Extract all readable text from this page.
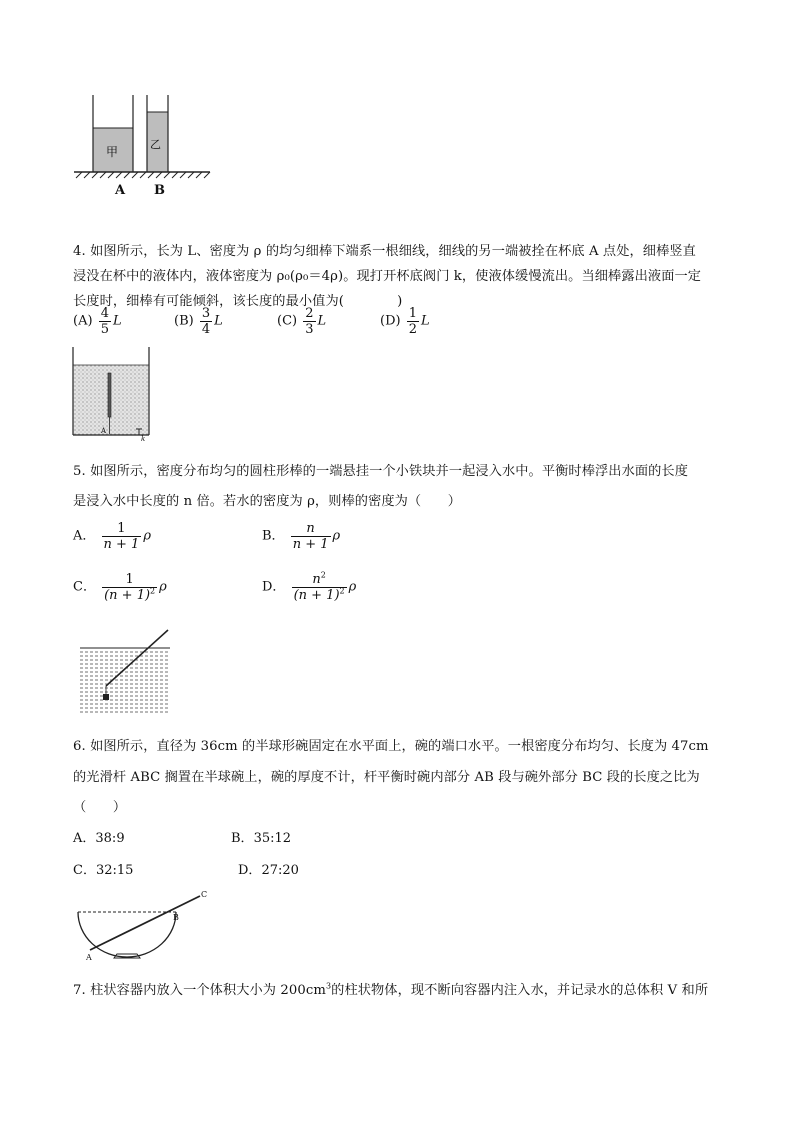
甲
乙
A B
4. 如图所示，长为 L、密度为 ρ 的均匀细棒下端系一根细线，细线的另一端被拴在杯底 A 点处，细棒竖直
浸没在杯中的液体内，液体密度为 ρ₀(ρ₀＝4ρ)。现打开杯底阀门 k，使液体缓慢流出。当细棒露出液面一定
长度时，细棒有可能倾斜，该长度的最小值为(　　　　)
$(A) \frac{4}{5}$ L	$(B) \frac{3}{4}$ L	$(C) \frac{2}{3}$ L	$(D) \frac{1}{2}$ L
A
k
5. 如图所示，密度分布均匀的圆柱形棒的一端悬挂一个小铁块并一起浸入水中。平衡时棒浮出水面的长度
是浸入水中长度的 n 倍。若水的密度为 ρ，则棒的密度为（　　）
A． $\frac{1}{n + 1}$ ρ	B． $\frac{n}{n + 1}$ ρ
C． $\frac{1}{(n + 1)^2}$ ρ	D． $\frac{n^2}{(n + 1)^2}$ ρ
6. 如图所示，直径为 36cm 的半球形碗固定在水平面上，碗的端口水平。一根密度分布均匀、长度为 47cm
的光滑杆 ABC 搁置在半球碗上，碗的厚度不计，杆平衡时碗内部分 AB 段与碗外部分 BC 段的长度之比为
（　　）
A．38:9	B．35:12
C．32:15	D．27:20
A
B
C
7. 柱状容器内放入一个体积大小为 $200cm^3$的柱状物体，现不断向容器内注入水，并记录水的总体积 V 和所
